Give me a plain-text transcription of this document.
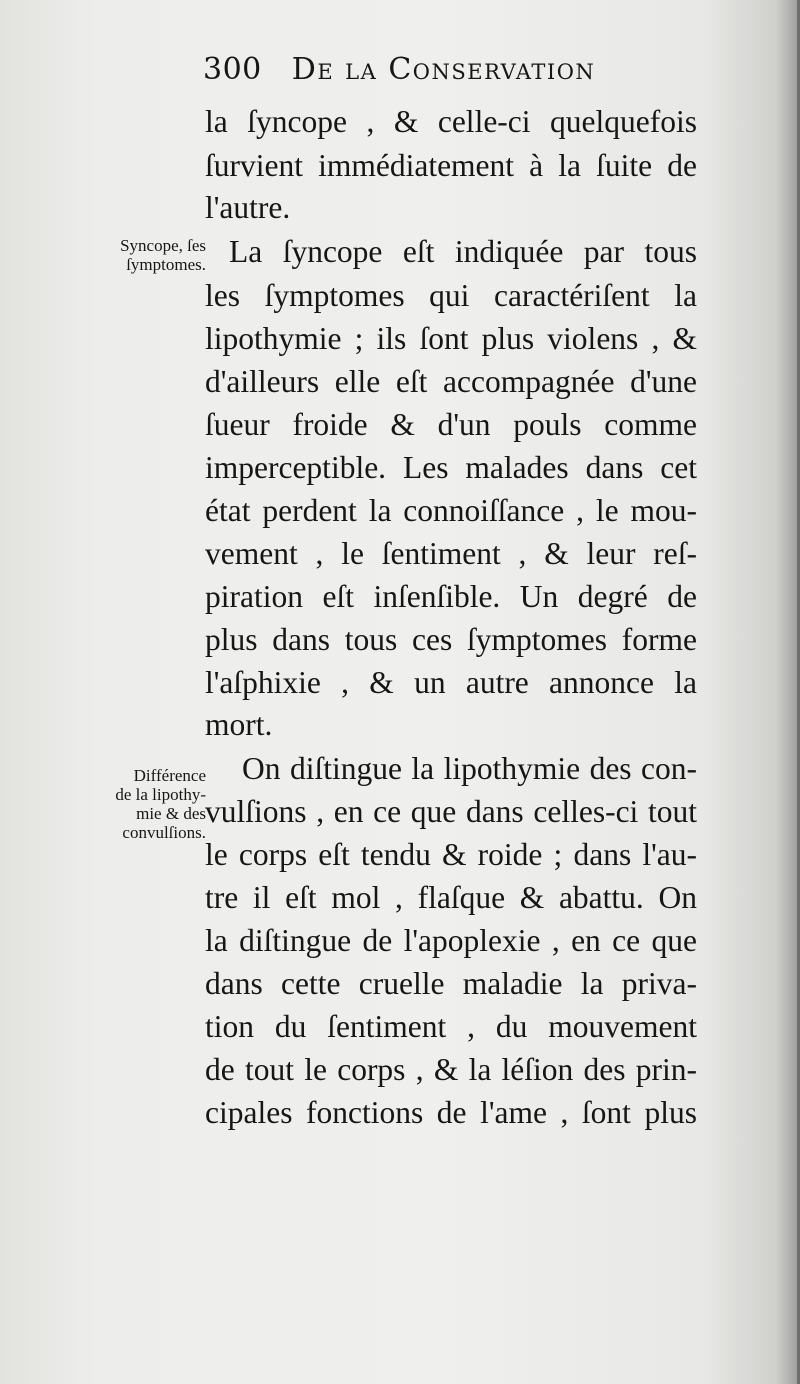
300 De la Conservation
Syncope, ſes
ſymptomes.
Différence
de la lipothy-
mie & des
convulſions.
la ſyncope , & celle-ci quelquefois
ſurvient immédiatement à la ſuite de
l'autre.
La ſyncope eſt indiquée par tous
les ſymptomes qui caractériſent la
lipothymie ; ils ſont plus violens , &
d'ailleurs elle eſt accompagnée d'une
ſueur froide & d'un pouls comme
imperceptible. Les malades dans cet
état perdent la connoiſſance , le mou-
vement , le ſentiment , & leur reſ-
piration eſt inſenſible. Un degré de
plus dans tous ces ſymptomes forme
l'aſphixie , & un autre annonce la
mort.
On diſtingue la lipothymie des con-
vulſions , en ce que dans celles-ci tout
le corps eſt tendu & roide ; dans l'au-
tre il eſt mol , flaſque & abattu. On
la diſtingue de l'apoplexie , en ce que
dans cette cruelle maladie la priva-
tion du ſentiment , du mouvement
de tout le corps , & la léſion des prin-
cipales fonctions de l'ame , ſont plus
